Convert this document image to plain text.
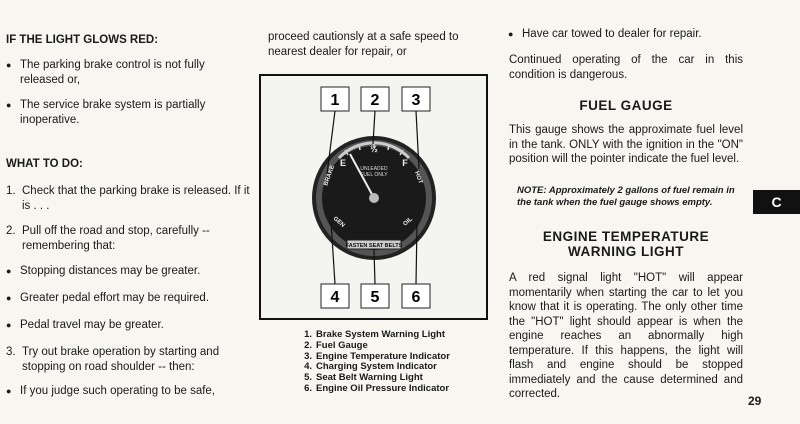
IF THE LIGHT GLOWS RED:
● The parking brake control is not fully released or,
● The service brake system is partially inoperative.
WHAT TO DO:
1. Check that the parking brake is released. If it is . . .
2. Pull off the road and stop, carefully -- remembering that:
● Stopping distances may be greater.
● Greater pedal effort may be required.
● Pedal travel may be greater.
3. Try out brake operation by starting and stopping on road shoulder -- then:
● If you judge such operating to be safe,
proceed cautionsly at a safe speed to nearest dealer for repair, or
1 2 3
½
E	F
UNLEADED
FUEL ONLY
BRAKE	HOT
GEN	OIL
FASTEN SEAT BELTS
4 5 6
1. Brake System Warning Light
2. Fuel Gauge
3. Engine Temperature Indicator
4. Charging System Indicator
5. Seat Belt Warning Light
6. Engine Oil Pressure Indicator
● Have car towed to dealer for repair.
Continued operating of the car in this condition is dangerous.
FUEL GAUGE
This gauge shows the approximate fuel level in the tank. ONLY with the ignition in the "ON" position will the pointer indicate the fuel level.
NOTE: Approximately 2 gallons of fuel remain in the tank when the fuel gauge shows empty.
ENGINE TEMPERATURE
WARNING LIGHT
A red signal light "HOT" will appear momentarily when starting the car to let you know that it is operating. The only other time the "HOT" light should appear is when the engine reaches an abnormally high temperature. If this happens, the light will flash and engine should be stopped immediately and the cause determined and corrected.
C
29
